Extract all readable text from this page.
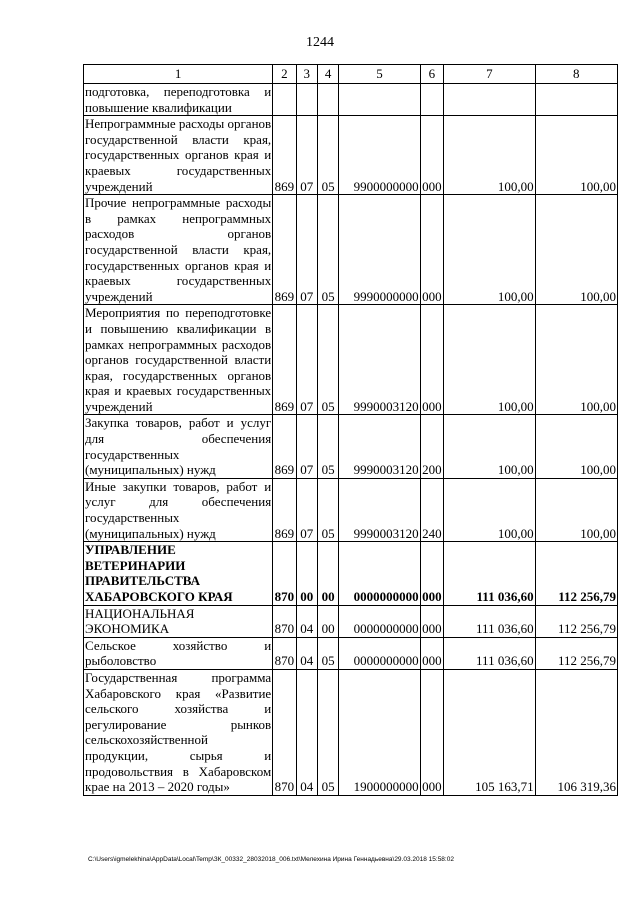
1244
1	2	3	4	5	6	7	8
подготовка, переподготовка и повышение квалификации							
Непрограммные расходы органов государственной власти края, государственных органов края и краевых государственных учреждений	869	07	05	9900000000	000	100,00	100,00
Прочие непрограммные расходы в рамках непрограммных расходов органов государственной власти края, государственных органов края и краевых государственных учреждений	869	07	05	9990000000	000	100,00	100,00
Мероприятия по переподготовке и повышению квалификации в рамках непрограммных расходов органов государственной власти края, государственных органов края и краевых государственных учреждений	869	07	05	9990003120	000	100,00	100,00
Закупка товаров, работ и услуг для обеспечения государственных (муниципальных) нужд	869	07	05	9990003120	200	100,00	100,00
Иные закупки товаров, работ и услуг для обеспечения государственных (муниципальных) нужд	869	07	05	9990003120	240	100,00	100,00
УПРАВЛЕНИЕ ВЕТЕРИНАРИИ ПРАВИТЕЛЬСТВА ХАБАРОВСКОГО КРАЯ	870	00	00	0000000000	000	111 036,60	112 256,79
НАЦИОНАЛЬНАЯ ЭКОНОМИКА	870	04	00	0000000000	000	111 036,60	112 256,79
Сельское хозяйство и рыболовство	870	04	05	0000000000	000	111 036,60	112 256,79
Государственная программа Хабаровского края «Развитие сельского хозяйства и регулирование рынков сельскохозяйственной продукции, сырья и продовольствия в Хабаровском крае на 2013 – 2020 годы»	870	04	05	1900000000	000	105 163,71	106 319,36
C:\Users\igmelekhina\AppData\Local\Temp\ЗК_00332_28032018_006.txt\Мелехина Ирина Геннадьевна\29.03.2018 15:58:02
